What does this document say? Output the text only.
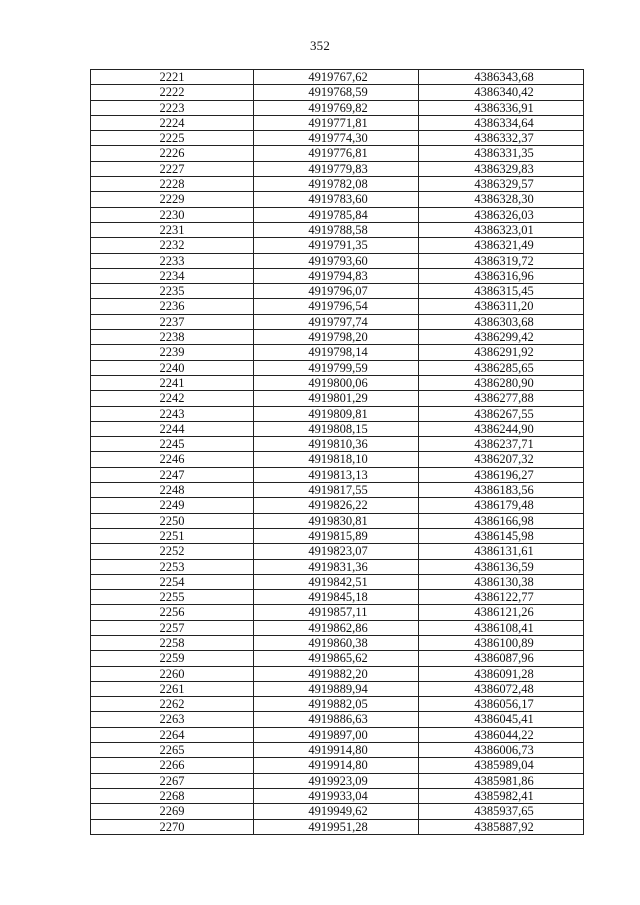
352
2221	4919767,62	4386343,68
2222	4919768,59	4386340,42
2223	4919769,82	4386336,91
2224	4919771,81	4386334,64
2225	4919774,30	4386332,37
2226	4919776,81	4386331,35
2227	4919779,83	4386329,83
2228	4919782,08	4386329,57
2229	4919783,60	4386328,30
2230	4919785,84	4386326,03
2231	4919788,58	4386323,01
2232	4919791,35	4386321,49
2233	4919793,60	4386319,72
2234	4919794,83	4386316,96
2235	4919796,07	4386315,45
2236	4919796,54	4386311,20
2237	4919797,74	4386303,68
2238	4919798,20	4386299,42
2239	4919798,14	4386291,92
2240	4919799,59	4386285,65
2241	4919800,06	4386280,90
2242	4919801,29	4386277,88
2243	4919809,81	4386267,55
2244	4919808,15	4386244,90
2245	4919810,36	4386237,71
2246	4919818,10	4386207,32
2247	4919813,13	4386196,27
2248	4919817,55	4386183,56
2249	4919826,22	4386179,48
2250	4919830,81	4386166,98
2251	4919815,89	4386145,98
2252	4919823,07	4386131,61
2253	4919831,36	4386136,59
2254	4919842,51	4386130,38
2255	4919845,18	4386122,77
2256	4919857,11	4386121,26
2257	4919862,86	4386108,41
2258	4919860,38	4386100,89
2259	4919865,62	4386087,96
2260	4919882,20	4386091,28
2261	4919889,94	4386072,48
2262	4919882,05	4386056,17
2263	4919886,63	4386045,41
2264	4919897,00	4386044,22
2265	4919914,80	4386006,73
2266	4919914,80	4385989,04
2267	4919923,09	4385981,86
2268	4919933,04	4385982,41
2269	4919949,62	4385937,65
2270	4919951,28	4385887,92
